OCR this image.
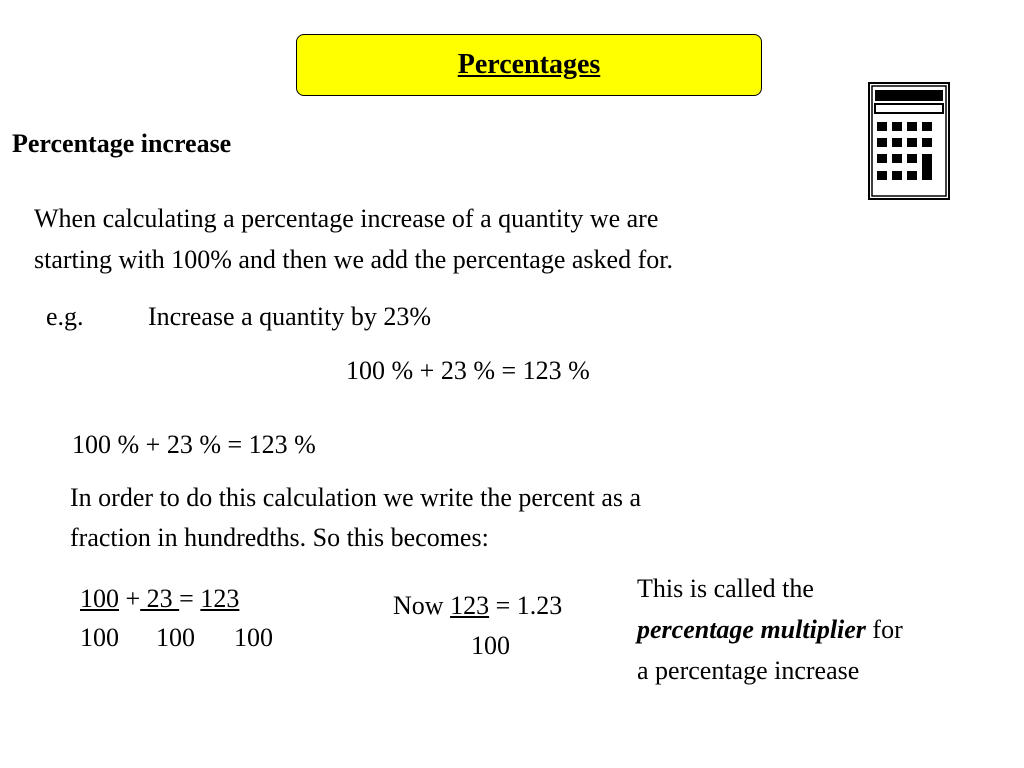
Percentages
Percentage increase
When calculating a percentage increase of a quantity we are
starting with 100% and then we add the percentage asked for.
e.g. Increase a quantity by 23%
100 % + 23 % = 123 %
100 % + 23 % = 123 %
In order to do this calculation we write the percent as a
fraction in hundredths. So this becomes:
100 + 23 = 123
100 100 100
Now 123 = 1.23
100
This is called the
percentage multiplier for
a percentage increase
